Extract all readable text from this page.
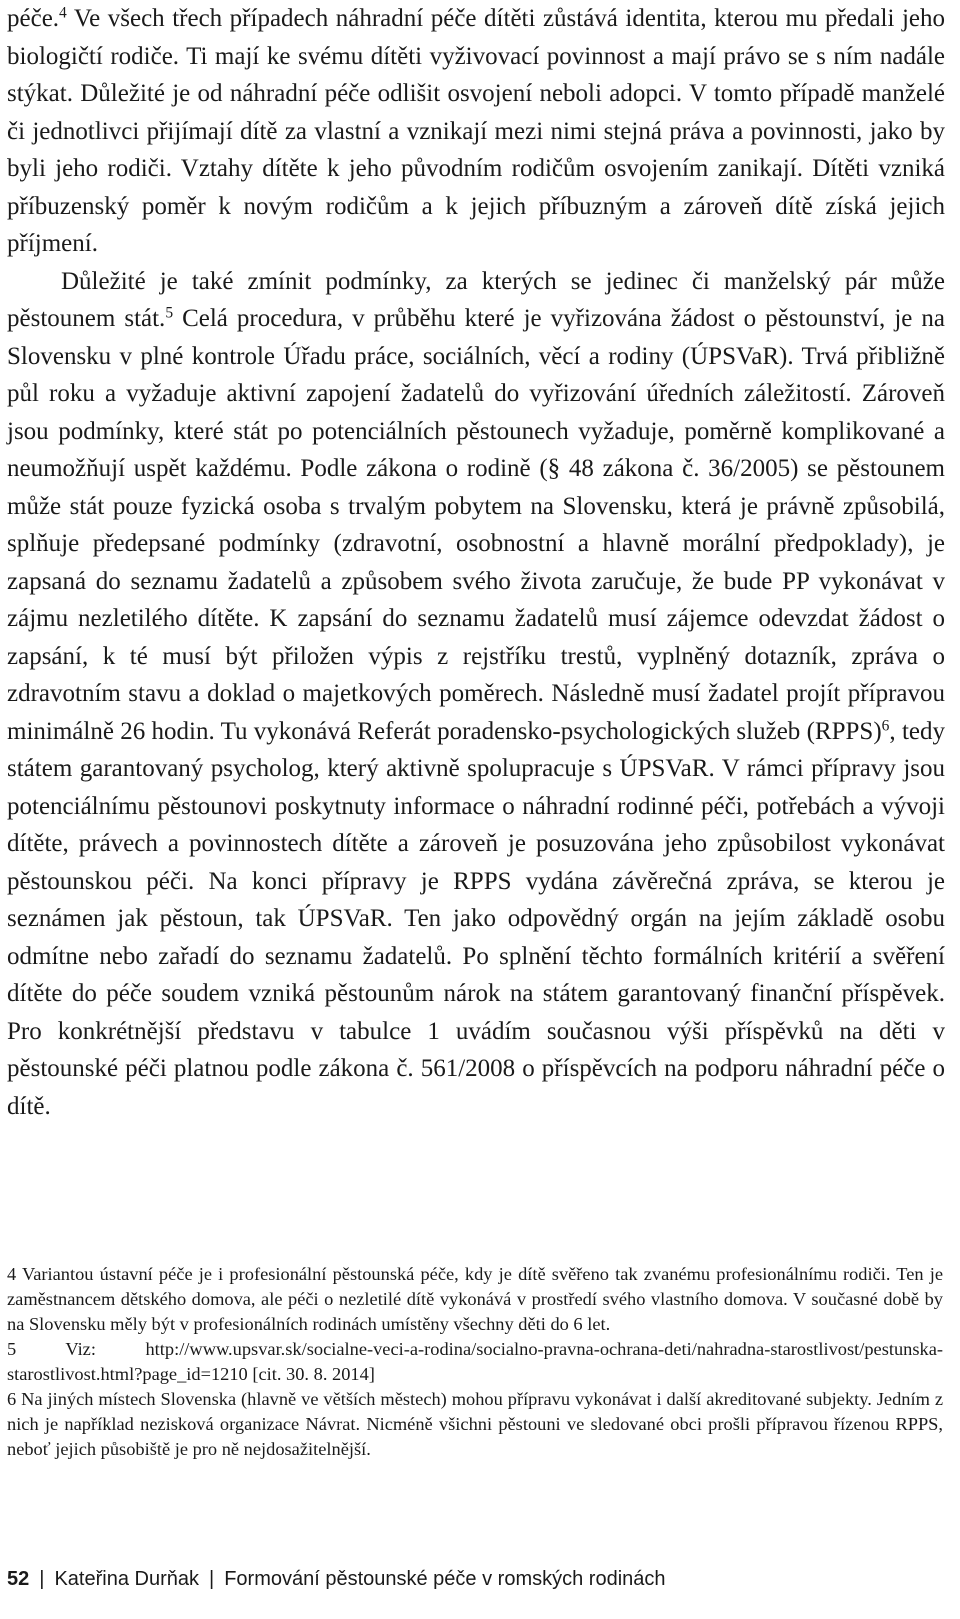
péče.$^4$ Ve všech třech případech náhradní péče dítěti zůstává identita, kterou mu předali jeho biologičtí rodiče. Ti mají ke svému dítěti vyživovací povinnost a mají právo se s ním nadále stýkat. Důležité je od náhradní péče odlišit osvojení neboli adopci. V tomto případě manželé či jednotlivci přijímají dítě za vlastní a vznikají mezi nimi stejná práva a povinnosti, jako by byli jeho rodiči. Vztahy dítěte k jeho původním rodičům osvojením zanikají. Dítěti vzniká příbuzenský poměr k novým rodičům a k jejich příbuzným a zároveň dítě získá jejich příjmení.

Důležité je také zmínit podmínky, za kterých se jedinec či manželský pár může pěstounem stát.$^5$ Celá procedura, v průběhu které je vyřizována žádost o pěstounství, je na Slovensku v plné kontrole Úřadu práce, sociálních, věcí a rodiny (ÚPSVaR). Trvá přibližně půl roku a vyžaduje aktivní zapojení žadatelů do vyřizování úředních záležitostí. Zároveň jsou podmínky, které stát po potenciálních pěstounech vyžaduje, poměrně komplikované a neumožňují uspět každému. Podle zákona o rodině (§ 48 zákona č. 36/2005) se pěstounem může stát pouze fyzická osoba s trvalým pobytem na Slovensku, která je právně způsobilá, splňuje předepsané podmínky (zdravotní, osobnostní a hlavně morální předpoklady), je zapsaná do seznamu žadatelů a způsobem svého života zaručuje, že bude PP vykonávat v zájmu nezletilého dítěte. K zapsání do seznamu žadatelů musí zájemce odevzdat žádost o zapsání, k té musí být přiložen výpis z rejstříku trestů, vyplněný dotazník, zpráva o zdravotním stavu a doklad o majetkových poměrech. Následně musí žadatel projít přípravou minimálně 26 hodin. Tu vykonává Referát poradensko-psychologických služeb (RPPS)$^6$, tedy státem garantovaný psycholog, který aktivně spolupracuje s ÚPSVaR. V rámci přípravy jsou potenciálnímu pěstounovi poskytnuty informace o náhradní rodinné péči, potřebách a vývoji dítěte, právech a povinnostech dítěte a zároveň je posuzována jeho způsobilost vykonávat pěstounskou péči. Na konci přípravy je RPPS vydána závěrečná zpráva, se kterou je seznámen jak pěstoun, tak ÚPSVaR. Ten jako odpovědný orgán na jejím základě osobu odmítne nebo zařadí do seznamu žadatelů. Po splnění těchto formálních kritérií a svěření dítěte do péče soudem vzniká pěstounům nárok na státem garantovaný finanční příspěvek. Pro konkrétnější představu v tabulce 1 uvádím současnou výši příspěvků na děti v pěstounské péči platnou podle zákona č. 561/2008 o příspěvcích na podporu náhradní péče o dítě.

4 Variantou ústavní péče je i profesionální pěstounská péče, kdy je dítě svěřeno tak zvanému profesionálnímu rodiči. Ten je zaměstnancem dětského domova, ale péči o nezletilé dítě vykonává v prostředí svého vlastního domova. V současné době by na Slovensku měly být v profesionálních rodinách umístěny všechny děti do 6 let.

5 Viz: http://www.upsvar.sk/socialne-veci-a-rodina/socialno-pravna-ochrana-deti/nahradna-starostlivost/pestunska-starostlivost.html?page_id=1210 [cit. 30. 8. 2014]

6 Na jiných místech Slovenska (hlavně ve větších městech) mohou přípravu vykonávat i další akreditované subjekty. Jedním z nich je například nezisková organizace Návrat. Nicméně všichni pěstouni ve sledované obci prošli přípravou řízenou RPPS, neboť jejich působiště je pro ně nejdosažitelnější.

52 | Kateřina Durňak | Formování pěstounské péče v romských rodinách
